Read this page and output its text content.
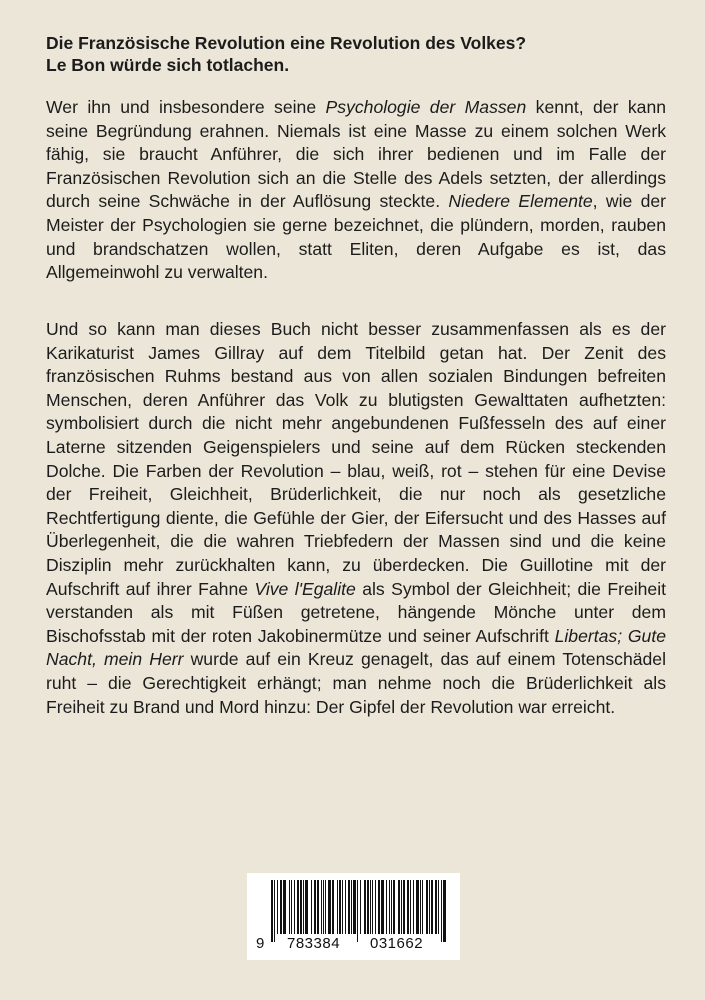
Die Französische Revolution eine Revolution des Volkes?
Le Bon würde sich totlachen.

Wer ihn und insbesondere seine Psychologie der Massen kennt, der kann seine Begründung erahnen. Niemals ist eine Masse zu einem solchen Werk fähig, sie braucht Anführer, die sich ihrer bedienen und im Falle der Französischen Revolution sich an die Stelle des Adels setzten, der allerdings durch seine Schwäche in der Auflösung steckte. Niedere Elemente, wie der Meister der Psychologien sie gerne bezeichnet, die plündern, morden, rauben und brandschatzen wollen, statt Eliten, deren Aufgabe es ist, das Allgemeinwohl zu verwalten.

Und so kann man dieses Buch nicht besser zusammenfassen als es der Karikaturist James Gillray auf dem Titelbild getan hat. Der Zenit des französischen Ruhms bestand aus von allen sozialen Bindungen befreiten Menschen, deren Anführer das Volk zu blutigsten Gewalttaten aufhetzten: symbolisiert durch die nicht mehr angebundenen Fußfesseln des auf einer Laterne sitzenden Geigenspielers und seine auf dem Rücken steckenden Dolche. Die Farben der Revolution – blau, weiß, rot – stehen für eine Devise der Freiheit, Gleichheit, Brüderlichkeit, die nur noch als gesetzliche Rechtfertigung diente, die Gefühle der Gier, der Eifersucht und des Hasses auf Überlegenheit, die die wahren Triebfedern der Massen sind und die keine Disziplin mehr zurückhalten kann, zu überdecken. Die Guillotine mit der Aufschrift auf ihrer Fahne Vive l'Egalite als Symbol der Gleichheit; die Freiheit verstanden als mit Füßen getretene, hängende Mönche unter dem Bischofsstab mit der roten Jakobinermütze und seiner Aufschrift Libertas; Gute Nacht, mein Herr wurde auf ein Kreuz genagelt, das auf einem Totenschädel ruht – die Gerechtigkeit erhängt; man nehme noch die Brüderlichkeit als Freiheit zu Brand und Mord hinzu: Der Gipfel der Revolution war erreicht.

9 783384 031662
